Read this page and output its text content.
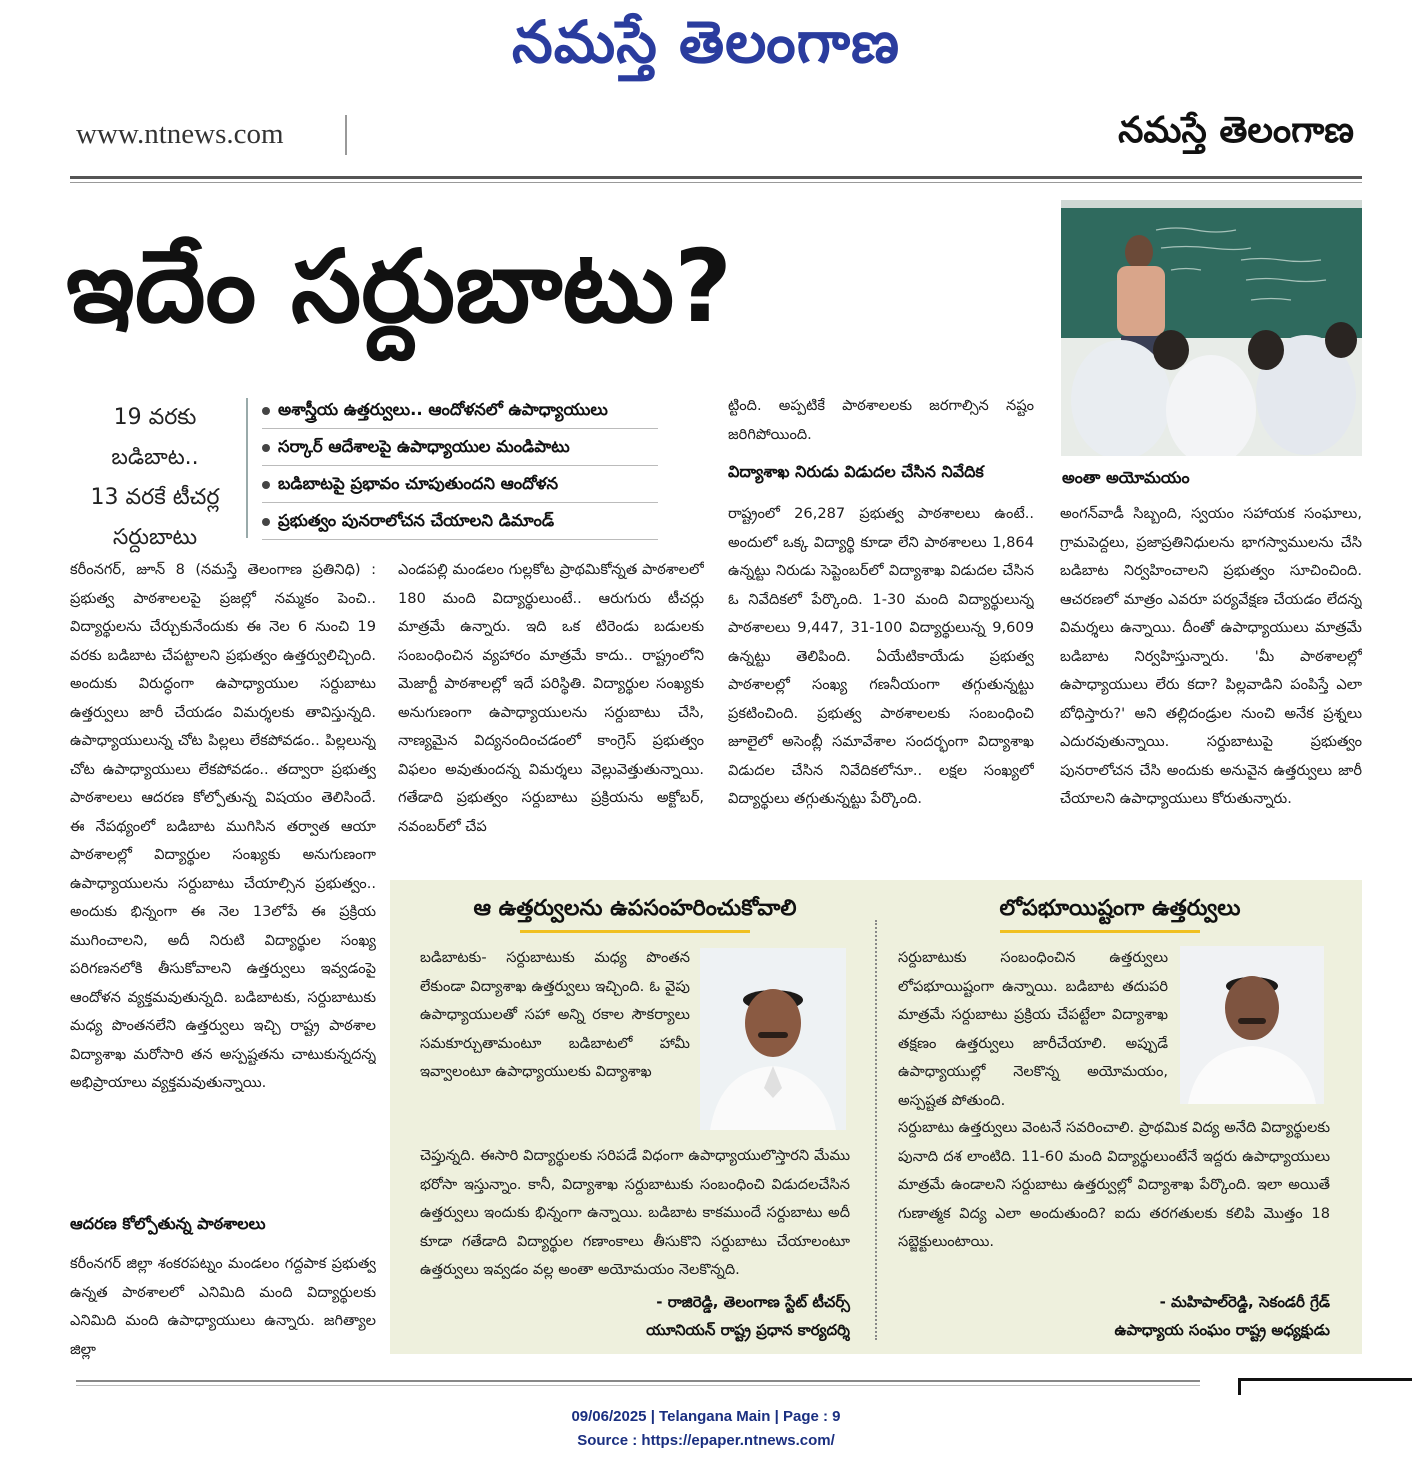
నమస్తే తెలంగాణ
www.ntnews.com	నమస్తే తెలంగాణ
ఇదేం సర్దుబాటు?
అంతా అయోమయం
19 వరకు
బడిబాట..
13 వరకే టీచర్ల
సర్దుబాటు
అశాస్త్రీయ ఉత్తర్వులు.. ఆందోళనలో ఉపాధ్యాయులు
సర్కార్ ఆదేశాలపై ఉపాధ్యాయుల మండిపాటు
బడిబాటపై ప్రభావం చూపుతుందని ఆందోళన
ప్రభుత్వం పునరాలోచన చేయాలని డిమాండ్
కరీంనగర్, జూన్ 8 (నమస్తే తెలంగాణ ప్రతినిధి) : ప్రభుత్వ పాఠశాలలపై ప్రజల్లో నమ్మకం పెంచి.. విద్యార్థులను చేర్చుకునేందుకు ఈ నెల 6 నుంచి 19 వరకు బడిబాట చేపట్టాలని ప్రభుత్వం ఉత్తర్వులిచ్చింది. అందుకు విరుద్ధంగా ఉపాధ్యాయుల సర్దుబాటు ఉత్తర్వులు జారీ చేయడం విమర్శలకు తావిస్తున్నది. ఉపాధ్యాయులున్న చోట పిల్లలు లేకపోవడం.. పిల్లలున్న చోట ఉపాధ్యాయులు లేకపోవడం.. తద్వారా ప్రభుత్వ పాఠశాలలు ఆదరణ కోల్పోతున్న విషయం తెలిసిందే. ఈ నేపథ్యంలో బడిబాట ముగిసిన తర్వాత ఆయా పాఠశాలల్లో విద్యార్థుల సంఖ్యకు అనుగుణంగా ఉపాధ్యాయులను సర్దుబాటు చేయాల్సిన ప్రభుత్వం.. అందుకు భిన్నంగా ఈ నెల 13లోపే ఈ ప్రక్రియ ముగించాలని, అదీ నిరుటి విద్యార్థుల సంఖ్య పరిగణనలోకి తీసుకోవాలని ఉత్తర్వులు ఇవ్వడంపై ఆందోళన వ్యక్తమవుతున్నది. బడిబాటకు, సర్దుబాటుకు మధ్య పొంతనలేని ఉత్తర్వులు ఇచ్చి రాష్ట్ర పాఠశాల విద్యాశాఖ మరోసారి తన అస్పష్టతను చాటుకున్నదన్న అభిప్రాయాలు వ్యక్తమవుతున్నాయి.
ఆదరణ కోల్పోతున్న పాఠశాలలు
కరీంనగర్ జిల్లా శంకరపట్నం మండలం గద్దపాక ప్రభుత్వ ఉన్నత పాఠశాలలో ఎనిమిది మంది విద్యార్థులకు ఎనిమిది మంది ఉపాధ్యాయులు ఉన్నారు. జగిత్యాల జిల్లా
ఎండపల్లి మండలం గుల్లకోట ప్రాథమికోన్నత పాఠశాలలో 180 మంది విద్యార్థులుంటే.. ఆరుగురు టీచర్లు మాత్రమే ఉన్నారు. ఇది ఒక టిరెండు బడులకు సంబంధించిన వ్యహారం మాత్రమే కాదు.. రాష్ట్రంలోని మెజార్టీ పాఠశాలల్లో ఇదే పరిస్థితి. విద్యార్థుల సంఖ్యకు అనుగుణంగా ఉపాధ్యాయులను సర్దుబాటు చేసి, నాణ్యమైన విద్యనందించడంలో కాంగ్రెస్ ప్రభుత్వం విఫలం అవుతుందన్న విమర్శలు వెల్లువెత్తుతున్నాయి. గతేడాది ప్రభుత్వం సర్దుబాటు ప్రక్రియను అక్టోబర్, నవంబర్‌లో చేప
ట్టింది. అప్పటికే పాఠశాలలకు జరగాల్సిన నష్టం జరిగిపోయింది.
విద్యాశాఖ నిరుడు విడుదల చేసిన నివేదిక
రాష్ట్రంలో 26,287 ప్రభుత్వ పాఠశాలలు ఉంటే.. అందులో ఒక్క విద్యార్థి కూడా లేని పాఠశాలలు 1,864 ఉన్నట్టు నిరుడు సెప్టెంబర్‌లో విద్యాశాఖ విడుదల చేసిన ఓ నివేదికలో పేర్కొంది. 1-30 మంది విద్యార్థులున్న పాఠశాలలు 9,447, 31-100 విద్యార్థులున్న 9,609 ఉన్నట్టు తెలిపింది. ఏయేటికాయేడు ప్రభుత్వ పాఠశాలల్లో సంఖ్య గణనీయంగా తగ్గుతున్నట్టు ప్రకటించింది. ప్రభుత్వ పాఠశాలలకు సంబంధించి జూలైలో అసెంబ్లీ సమావేశాల సందర్భంగా విద్యాశాఖ విడుదల చేసిన నివేదికలోనూ.. లక్షల సంఖ్యలో విద్యార్థులు తగ్గుతున్నట్టు పేర్కొంది.
అంగన్‌వాడీ సిబ్బంది, స్వయం సహాయక సంఘాలు, గ్రామపెద్దలు, ప్రజాప్రతినిధులను భాగస్వాములను చేసి బడిబాట నిర్వహించాలని ప్రభుత్వం సూచించింది. ఆచరణలో మాత్రం ఎవరూ పర్యవేక్షణ చేయడం లేదన్న విమర్శలు ఉన్నాయి. దీంతో ఉపాధ్యాయులు మాత్రమే బడిబాట నిర్వహిస్తున్నారు. 'మీ పాఠశాలల్లో ఉపాధ్యాయులు లేరు కదా? పిల్లవాడిని పంపిస్తే ఎలా బోధిస్తారు?' అని తల్లిదండ్రుల నుంచి అనేక ప్రశ్నలు ఎదురవుతున్నాయి. సర్దుబాటుపై ప్రభుత్వం పునరాలోచన చేసి అందుకు అనువైన ఉత్తర్వులు జారీ చేయాలని ఉపాధ్యాయులు కోరుతున్నారు.
ఆ ఉత్తర్వులను ఉపసంహరించుకోవాలి
బడిబాటకు- సర్దుబాటుకు మధ్య పొంతన లేకుండా విద్యాశాఖ ఉత్తర్వులు ఇచ్చింది. ఓ వైపు ఉపాధ్యాయులతో సహా అన్ని రకాల సౌకర్యాలు సమకూర్చుతామంటూ బడిబాటలో హామీ ఇవ్వాలంటూ ఉపాధ్యాయులకు విద్యాశాఖ
చెప్తున్నది. ఈసారి విద్యార్థులకు సరిపడే విధంగా ఉపాధ్యాయులొస్తారని మేము భరోసా ఇస్తున్నాం. కానీ, విద్యాశాఖ సర్దుబాటుకు సంబంధించి విడుదలచేసిన ఉత్తర్వులు ఇందుకు భిన్నంగా ఉన్నాయి. బడిబాట కాకముందే సర్దుబాటు అదీ కూడా గతేడాది విద్యార్థుల గణాంకాలు తీసుకొని సర్దుబాటు చేయాలంటూ ఉత్తర్వులు ఇవ్వడం వల్ల అంతా అయోమయం నెలకొన్నది.
- రాజిరెడ్డి, తెలంగాణ స్టేట్ టీచర్స్
యూనియన్ రాష్ట్ర ప్రధాన కార్యదర్శి
లోపభూయిష్టంగా ఉత్తర్వులు
సర్దుబాటుకు సంబంధించిన ఉత్తర్వులు లోపభూయిష్టంగా ఉన్నాయి. బడిబాట తదుపరి మాత్రమే సర్దుబాటు ప్రక్రియ చేపట్టేలా విద్యాశాఖ తక్షణం ఉత్తర్వులు జారీచేయాలి. అప్పుడే ఉపాధ్యాయుల్లో నెలకొన్న అయోమయం, అస్పష్టత పోతుంది.
సర్దుబాటు ఉత్తర్వులు వెంటనే సవరించాలి. ప్రాథమిక విద్య అనేది విద్యార్థులకు పునాది దశ లాంటిది. 11-60 మంది విద్యార్థులుంటేనే ఇద్దరు ఉపాధ్యాయులు మాత్రమే ఉండాలని సర్దుబాటు ఉత్తర్వుల్లో విద్యాశాఖ పేర్కొంది. ఇలా అయితే గుణాత్మక విద్య ఎలా అందుతుంది? ఐదు తరగతులకు కలిపి మొత్తం 18 సబ్జెక్టులుంటాయి.
- మహిపాల్‌రెడ్డి, సెకండరీ గ్రేడ్
ఉపాధ్యాయ సంఘం రాష్ట్ర అధ్యక్షుడు
09/06/2025 | Telangana Main | Page : 9
Source : https://epaper.ntnews.com/
